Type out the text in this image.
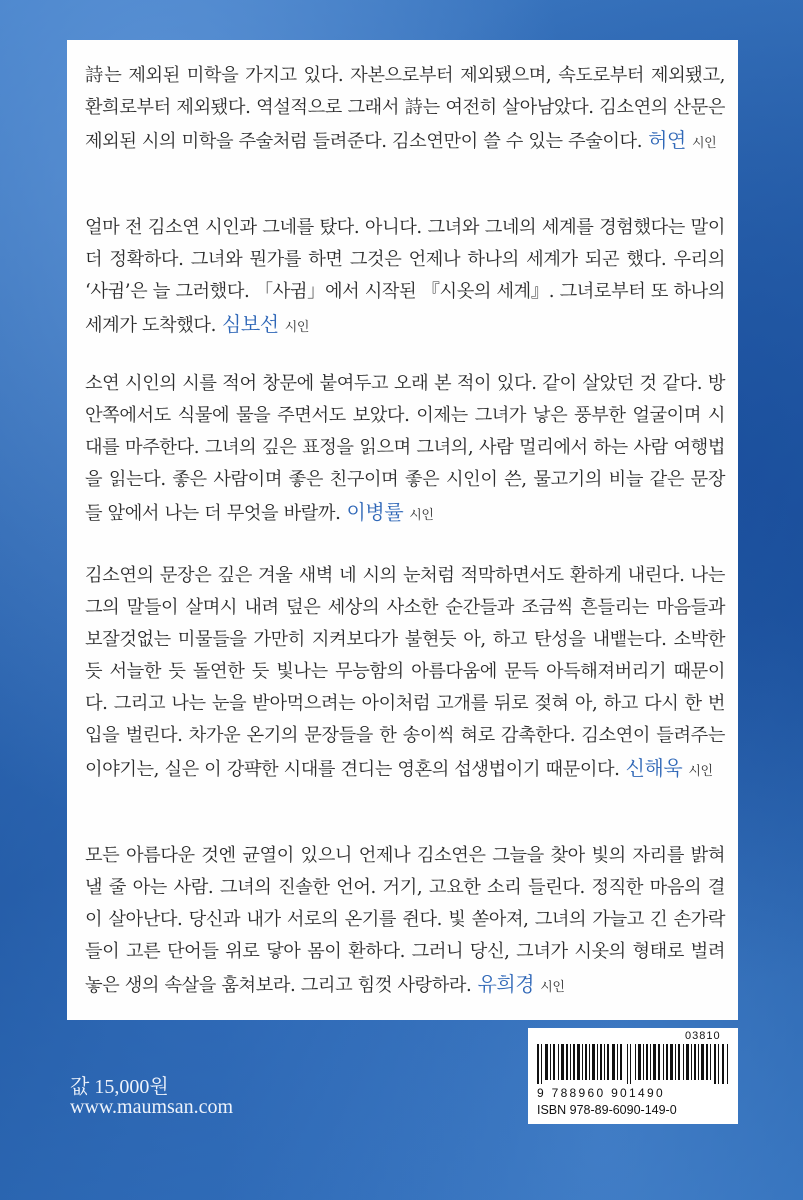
詩는 제외된 미학을 가지고 있다. 자본으로부터 제외됐으며, 속도로부터 제외됐고, 환희로부터 제외됐다. 역설적으로 그래서 詩는 여전히 살아남았다. 김소연의 산문은 제외된 시의 미학을 주술처럼 들려준다. 김소연만이 쓸 수 있는 주술이다. 허연 시인

얼마 전 김소연 시인과 그네를 탔다. 아니다. 그녀와 그네의 세계를 경험했다는 말이 더 정확하다. 그녀와 뭔가를 하면 그것은 언제나 하나의 세계가 되곤 했다. 우리의 ‘사귐’은 늘 그러했다. 「사귐」에서 시작된 『시옷의 세계』. 그녀로부터 또 하나의 세계가 도착했다. 심보선 시인

소연 시인의 시를 적어 창문에 붙여두고 오래 본 적이 있다. 같이 살았던 것 같다. 방 안쪽에서도 식물에 물을 주면서도 보았다. 이제는 그녀가 낳은 풍부한 얼굴이며 시대를 마주한다. 그녀의 깊은 표정을 읽으며 그녀의, 사람 멀리에서 하는 사람 여행법을 읽는다. 좋은 사람이며 좋은 친구이며 좋은 시인이 쓴, 물고기의 비늘 같은 문장들 앞에서 나는 더 무엇을 바랄까. 이병률 시인

김소연의 문장은 깊은 겨울 새벽 네 시의 눈처럼 적막하면서도 환하게 내린다. 나는 그의 말들이 살며시 내려 덮은 세상의 사소한 순간들과 조금씩 흔들리는 마음들과 보잘것없는 미물들을 가만히 지켜보다가 불현듯 아, 하고 탄성을 내뱉는다. 소박한 듯 서늘한 듯 돌연한 듯 빛나는 무능함의 아름다움에 문득 아득해져버리기 때문이다. 그리고 나는 눈을 받아먹으려는 아이처럼 고개를 뒤로 젖혀 아, 하고 다시 한 번 입을 벌린다. 차가운 온기의 문장들을 한 송이씩 혀로 감촉한다. 김소연이 들려주는 이야기는, 실은 이 강퍅한 시대를 견디는 영혼의 섭생법이기 때문이다. 신해욱 시인

모든 아름다운 것엔 균열이 있으니 언제나 김소연은 그늘을 찾아 빛의 자리를 밝혀낼 줄 아는 사람. 그녀의 진솔한 언어. 거기, 고요한 소리 들린다. 정직한 마음의 결이 살아난다. 당신과 내가 서로의 온기를 쥔다. 빛 쏟아져, 그녀의 가늘고 긴 손가락들이 고른 단어들 위로 닿아 몸이 환하다. 그러니 당신, 그녀가 시옷의 형태로 벌려놓은 생의 속살을 훔쳐보라. 그리고 힘껏 사랑하라. 유희경 시인

값 15,000원
www.maumsan.com
03810
9 788960 901490
ISBN 978-89-6090-149-0
